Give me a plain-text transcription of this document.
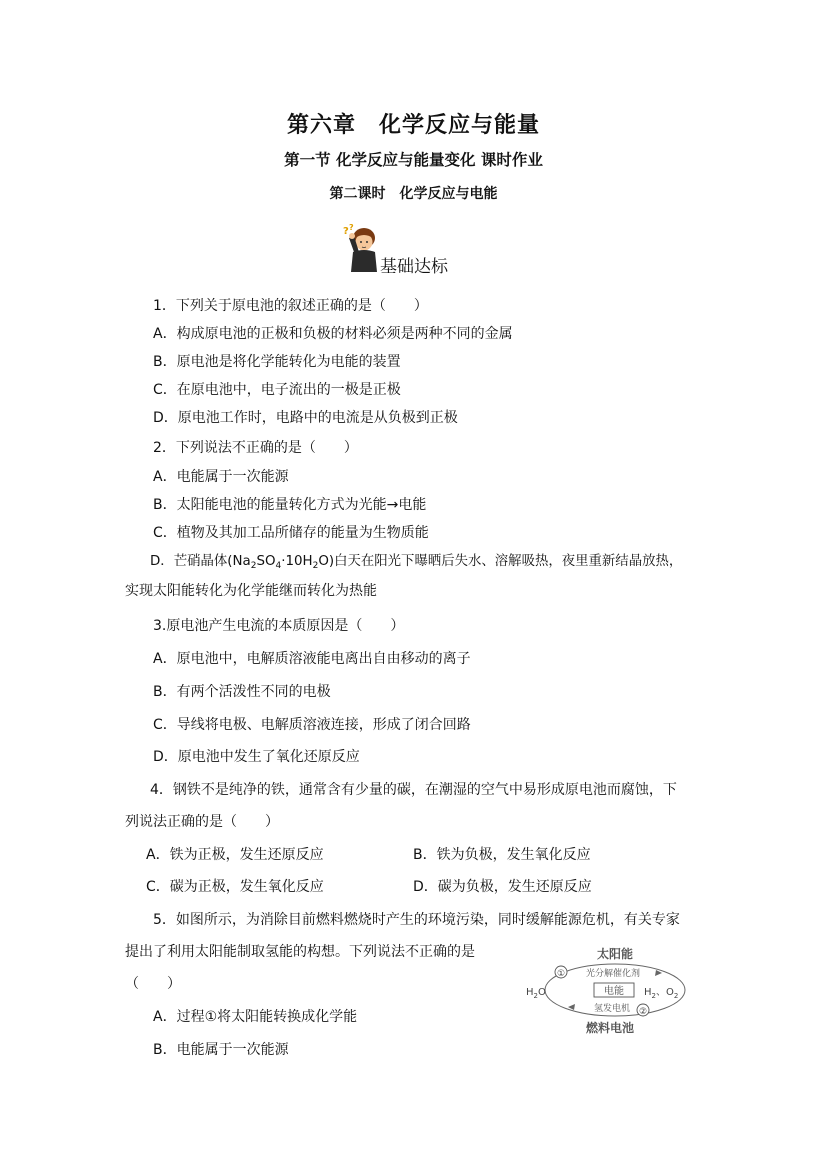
第六章　化学反应与能量
第一节 化学反应与能量变化 课时作业
第二课时　化学反应与电能
? ?
基础达标
1．下列关于原电池的叙述正确的是（　　）
A．构成原电池的正极和负极的材料必须是两种不同的金属
B．原电池是将化学能转化为电能的装置
C．在原电池中，电子流出的一极是正极
D．原电池工作时，电路中的电流是从负极到正极
2．下列说法不正确的是（　　）
A．电能属于一次能源
B．太阳能电池的能量转化方式为光能→电能
C．植物及其加工品所储存的能量为生物质能
D．芒硝晶体$(Na_2SO_4\cdot 10H_2O)$白天在阳光下曝晒后失水、溶解吸热，夜里重新结晶放热，
实现太阳能转化为化学能继而转化为热能
3.原电池产生电流的本质原因是（　　）
A．原电池中，电解质溶液能电离出自由移动的离子
B．有两个活泼性不同的电极
C．导线将电极、电解质溶液连接，形成了闭合回路
D．原电池中发生了氧化还原反应
4．钢铁不是纯净的铁，通常含有少量的碳，在潮湿的空气中易形成原电池而腐蚀，下
列说法正确的是（　　）
A．铁为正极，发生还原反应	B．铁为负极，发生氧化反应
C．碳为正极，发生氧化反应	D．碳为负极，发生还原反应
5．如图所示，为消除目前燃料燃烧时产生的环境污染，同时缓解能源危机，有关专家
提出了利用太阳能制取氢能的构想。下列说法不正确的是
（　　）
A．过程①将太阳能转换成化学能
B．电能属于一次能源
太阳能
① 光分解催化剂
电能
氢发电机 ②
燃料电池
$H_2O$	$H_2$、$O_2$
